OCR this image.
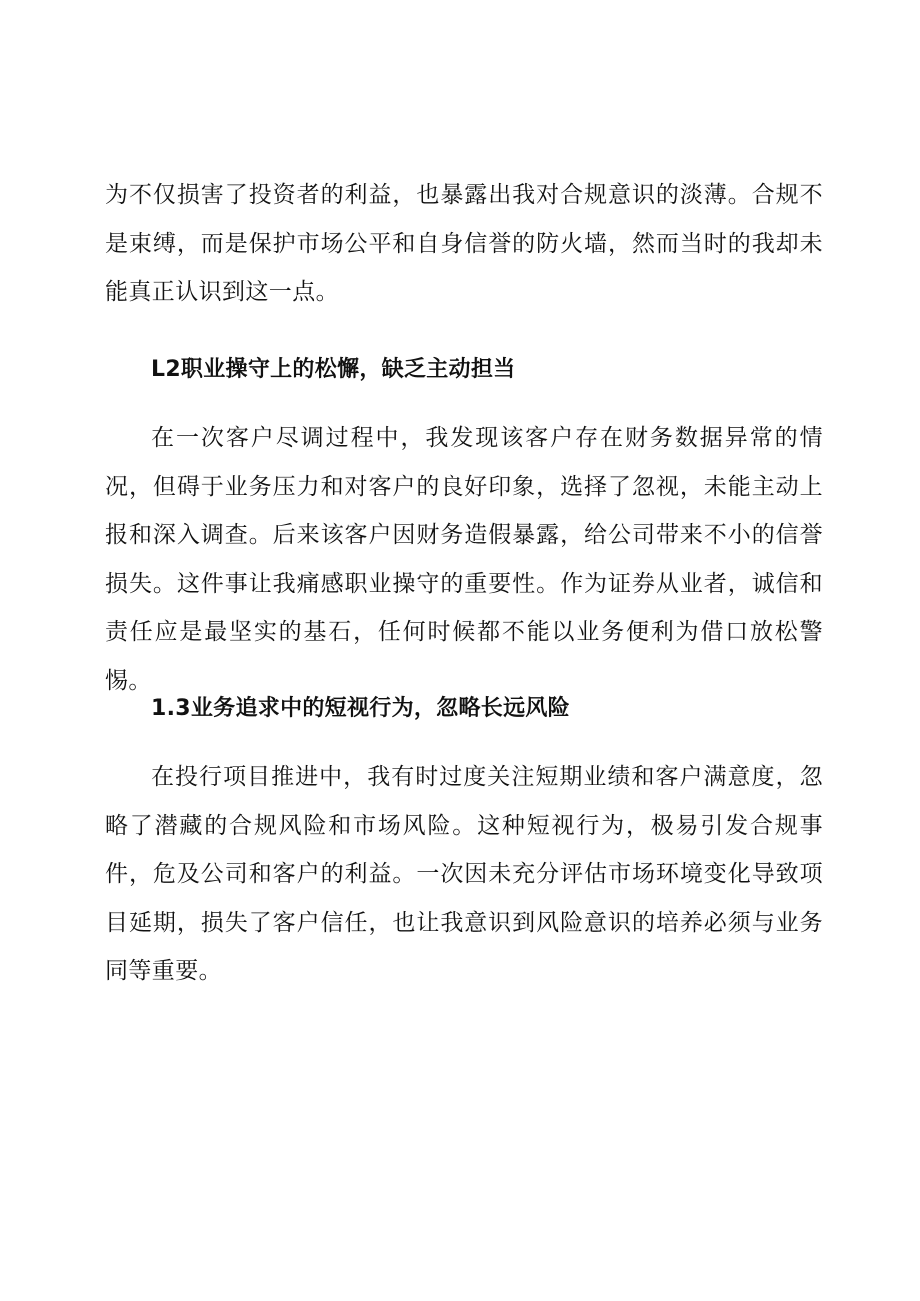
为不仅损害了投资者的利益，也暴露出我对合规意识的淡薄。合规不是束缚，而是保护市场公平和自身信誉的防火墙，然而当时的我却未能真正认识到这一点。

L2职业操守上的松懈，缺乏主动担当

在一次客户尽调过程中，我发现该客户存在财务数据异常的情况，但碍于业务压力和对客户的良好印象，选择了忽视，未能主动上报和深入调查。后来该客户因财务造假暴露，给公司带来不小的信誉损失。这件事让我痛感职业操守的重要性。作为证券从业者，诚信和责任应是最坚实的基石，任何时候都不能以业务便利为借口放松警惕。

1.3业务追求中的短视行为，忽略长远风险

在投行项目推进中，我有时过度关注短期业绩和客户满意度，忽略了潜藏的合规风险和市场风险。这种短视行为，极易引发合规事件，危及公司和客户的利益。一次因未充分评估市场环境变化导致项目延期，损失了客户信任，也让我意识到风险意识的培养必须与业务同等重要。
